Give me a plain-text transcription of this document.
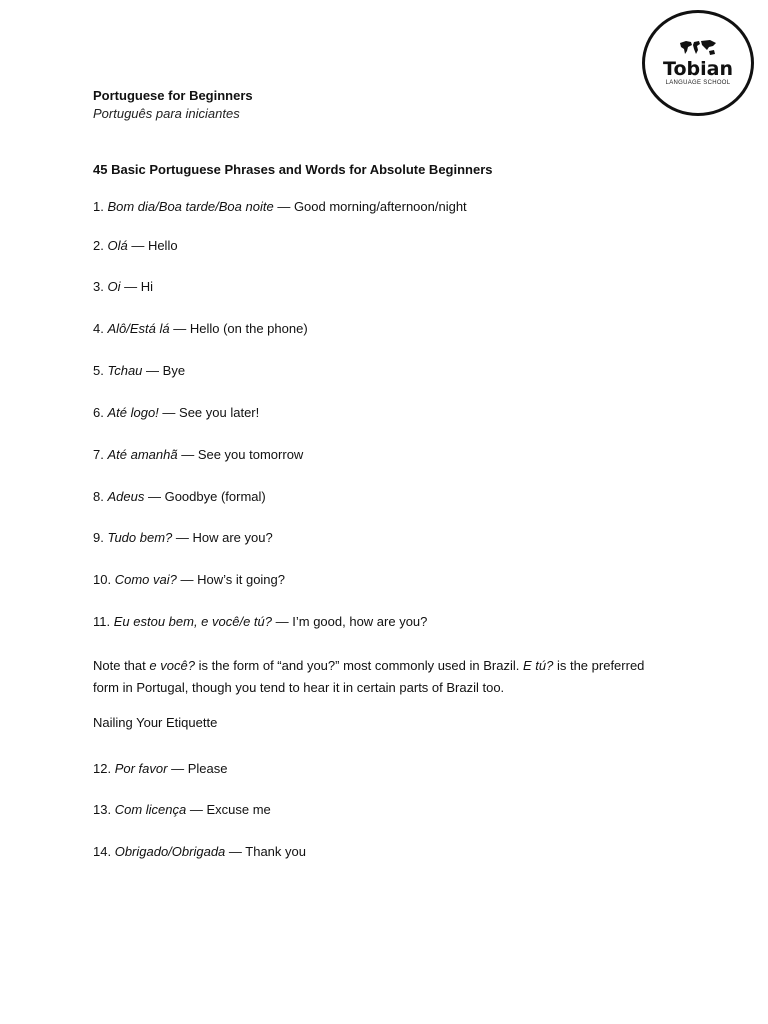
Tobian
LANGUAGE SCHOOL
Portuguese for Beginners
Português para iniciantes
45 Basic Portuguese Phrases and Words for Absolute Beginners
1. Bom dia/Boa tarde/Boa noite — Good morning/afternoon/night
2. Olá — Hello
3. Oi — Hi
4. Alô/Está lá — Hello (on the phone)
5. Tchau — Bye
6. Até logo! — See you later!
7. Até amanhã — See you tomorrow
8. Adeus — Goodbye (formal)
9. Tudo bem? — How are you?
10. Como vai? — How’s it going?
11. Eu estou bem, e você/e tú? — I’m good, how are you?
Note that e você? is the form of “and you?” most commonly used in Brazil. E tú? is the preferred form in Portugal, though you tend to hear it in certain parts of Brazil too.
Nailing Your Etiquette
12. Por favor — Please
13. Com licença — Excuse me
14. Obrigado/Obrigada — Thank you
